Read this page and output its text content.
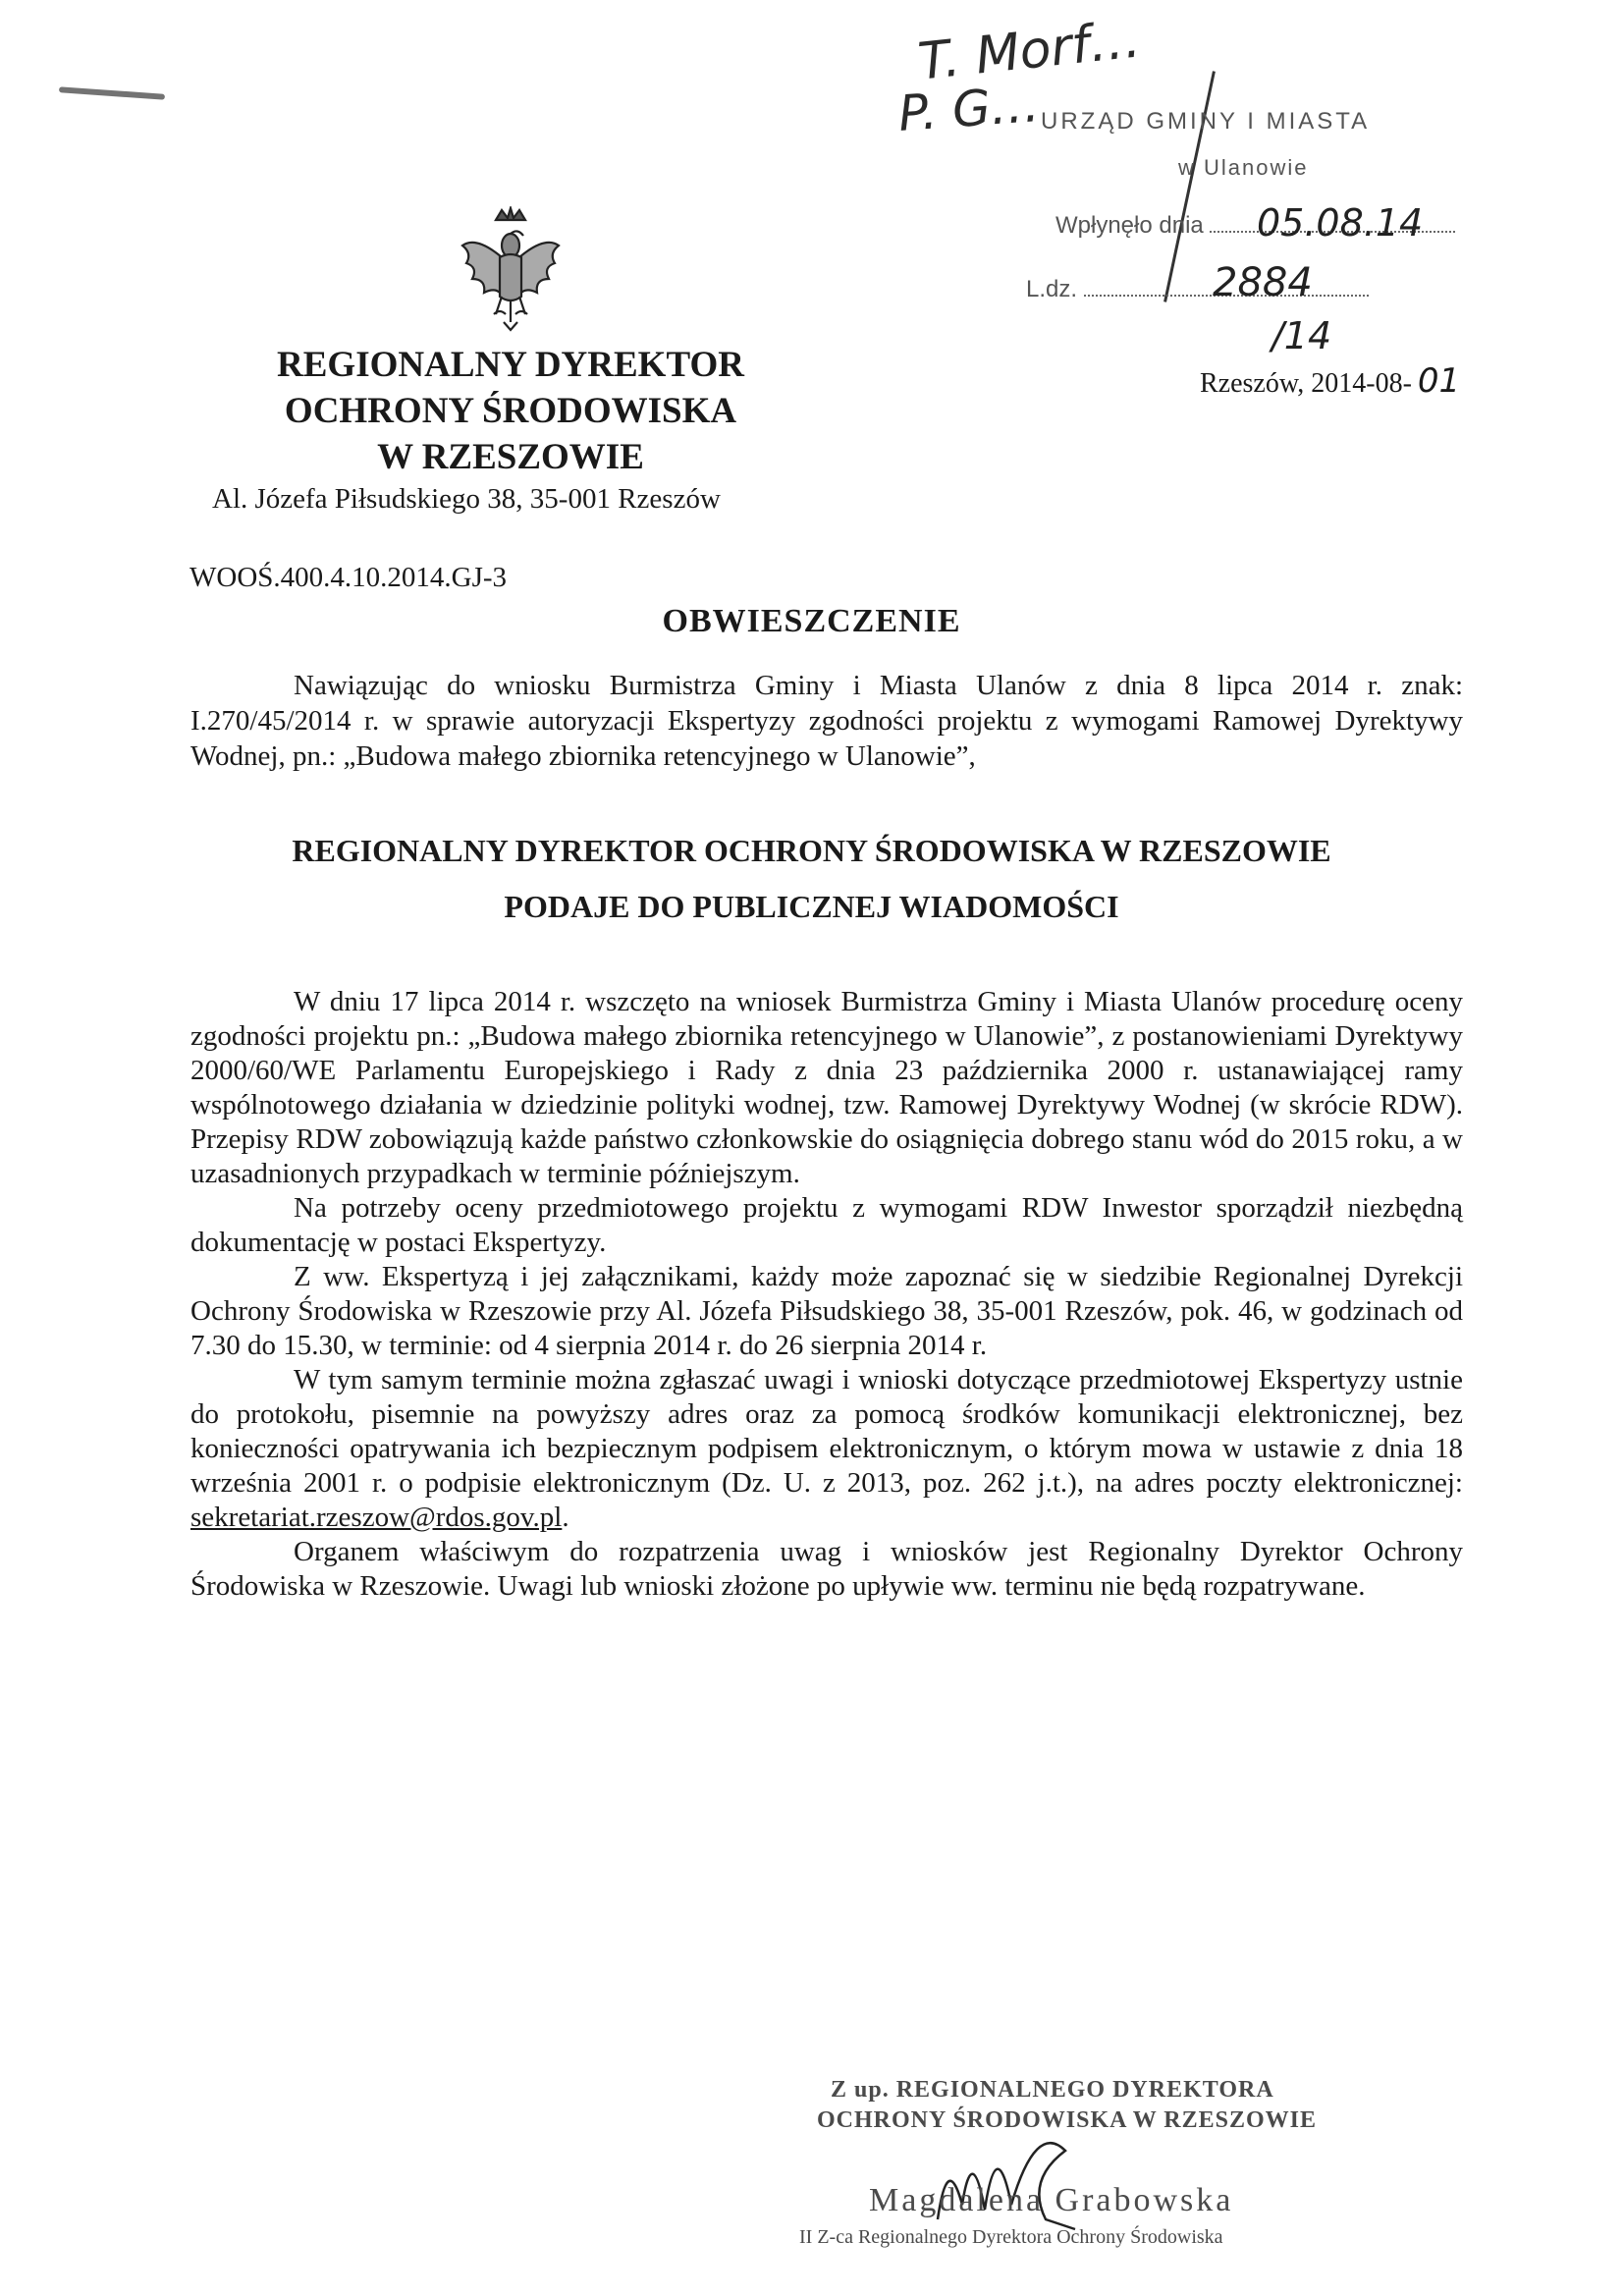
T. Morf…
P. G… URZĄD GMINY I MIASTA
w Ulanowie
Wpłynęło dnia	05.08.14
L.dz.	2884
/14
REGIONALNY DYREKTOR
OCHRONY ŚRODOWISKA
W RZESZOWIE
Al. Józefa Piłsudskiego 38, 35-001 Rzeszów
Rzeszów, 2014-08- 01
WOOŚ.400.4.10.2014.GJ-3
OBWIESZCZENIE

Nawiązując do wniosku Burmistrza Gminy i Miasta Ulanów z dnia 8 lipca 2014 r. znak: I.270/45/2014 r. w sprawie autoryzacji Ekspertyzy zgodności projektu z wymogami Ramowej Dyrektywy Wodnej, pn.: „Budowa małego zbiornika retencyjnego w Ulanowie”,

REGIONALNY DYREKTOR OCHRONY ŚRODOWISKA W RZESZOWIE
PODAJE DO PUBLICZNEJ WIADOMOŚCI

W dniu 17 lipca 2014 r. wszczęto na wniosek Burmistrza Gminy i Miasta Ulanów procedurę oceny zgodności projektu pn.: „Budowa małego zbiornika retencyjnego w Ulanowie”, z postanowieniami Dyrektywy 2000/60/WE Parlamentu Europejskiego i Rady z dnia 23 października 2000 r. ustanawiającej ramy wspólnotowego działania w dziedzinie polityki wodnej, tzw. Ramowej Dyrektywy Wodnej (w skrócie RDW). Przepisy RDW zobowiązują każde państwo członkowskie do osiągnięcia dobrego stanu wód do 2015 roku, a w uzasadnionych przypadkach w terminie późniejszym.

Na potrzeby oceny przedmiotowego projektu z wymogami RDW Inwestor sporządził niezbędną dokumentację w postaci Ekspertyzy.

Z ww. Ekspertyzą i jej załącznikami, każdy może zapoznać się w siedzibie Regionalnej Dyrekcji Ochrony Środowiska w Rzeszowie przy Al. Józefa Piłsudskiego 38, 35-001 Rzeszów, pok. 46, w godzinach od 7.30 do 15.30, w terminie: od 4 sierpnia 2014 r. do 26 sierpnia 2014 r.

W tym samym terminie można zgłaszać uwagi i wnioski dotyczące przedmiotowej Ekspertyzy ustnie do protokołu, pisemnie na powyższy adres oraz za pomocą środków komunikacji elektronicznej, bez konieczności opatrywania ich bezpiecznym podpisem elektronicznym, o którym mowa w ustawie z dnia 18 września 2001 r. o podpisie elektronicznym (Dz. U. z 2013, poz. 262 j.t.), na adres poczty elektronicznej: sekretariat.rzeszow@rdos.gov.pl.

Organem właściwym do rozpatrzenia uwag i wniosków jest Regionalny Dyrektor Ochrony Środowiska w Rzeszowie. Uwagi lub wnioski złożone po upływie ww. terminu nie będą rozpatrywane.

Z up. REGIONALNEGO DYREKTORA
OCHRONY ŚRODOWISKA W RZESZOWIE
Magdalena Grabowska
II Z-ca Regionalnego Dyrektora Ochrony Środowiska
